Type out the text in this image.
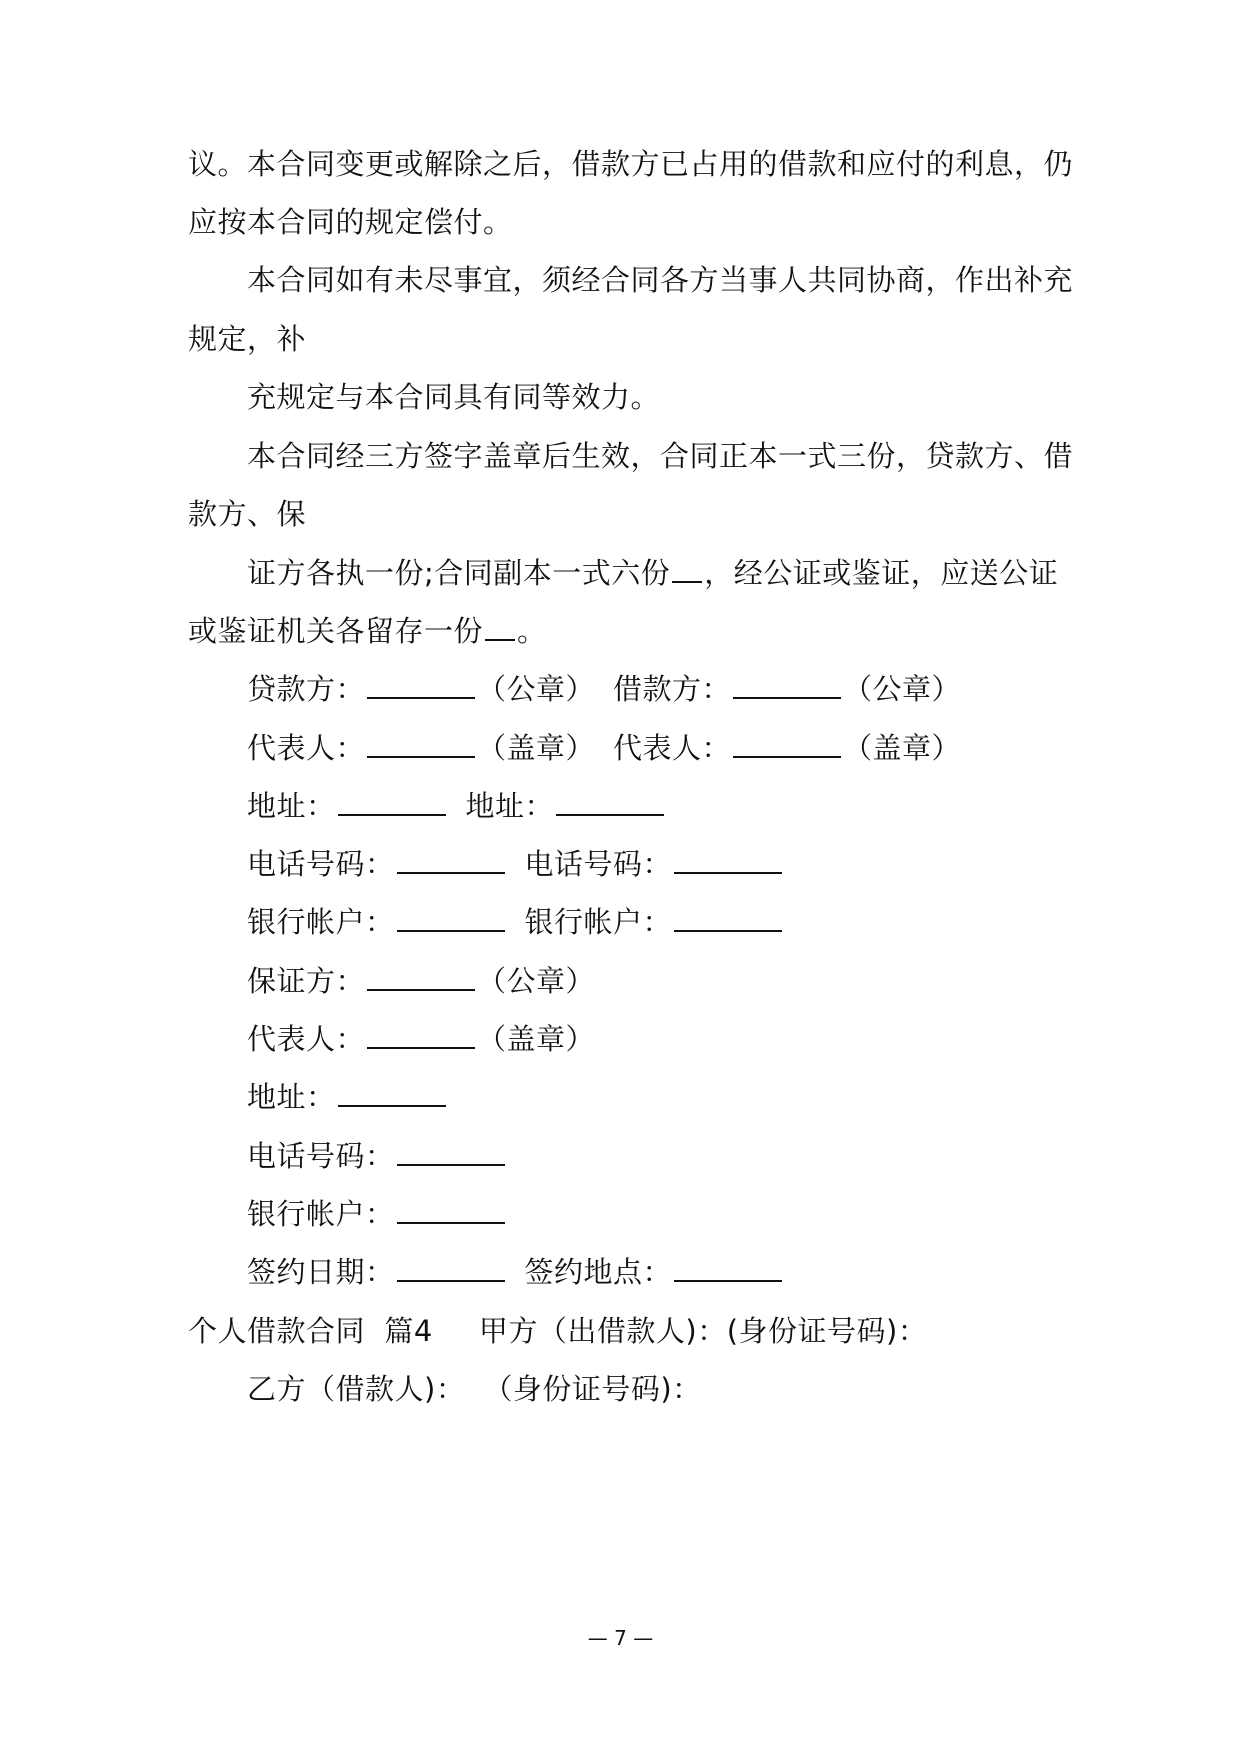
议。本合同变更或解除之后，借款方已占用的借款和应付的利息，仍
应按本合同的规定偿付。
本合同如有未尽事宜，须经合同各方当事人共同协商，作出补充
规定，补
充规定与本合同具有同等效力。
本合同经三方签字盖章后生效，合同正本一式三份，贷款方、借
款方、保
证方各执一份;合同副本一式六份 ，经公证或鉴证，应送公证
或鉴证机关各留存一份 。
贷款方：	（公章） 借款方：	（公章）
代表人：	（盖章） 代表人：	（盖章）
地址：	地址：
电话号码：	电话号码：
银行帐户：	银行帐户：
保证方：	（公章）
代表人：	（盖章）
地址：
电话号码：
银行帐户：
签约日期：	签约地点：
个人借款合同  篇4 甲方（出借款人)：(身份证号码)：
乙方（借款人)： （身份证号码)：
— 7 —
